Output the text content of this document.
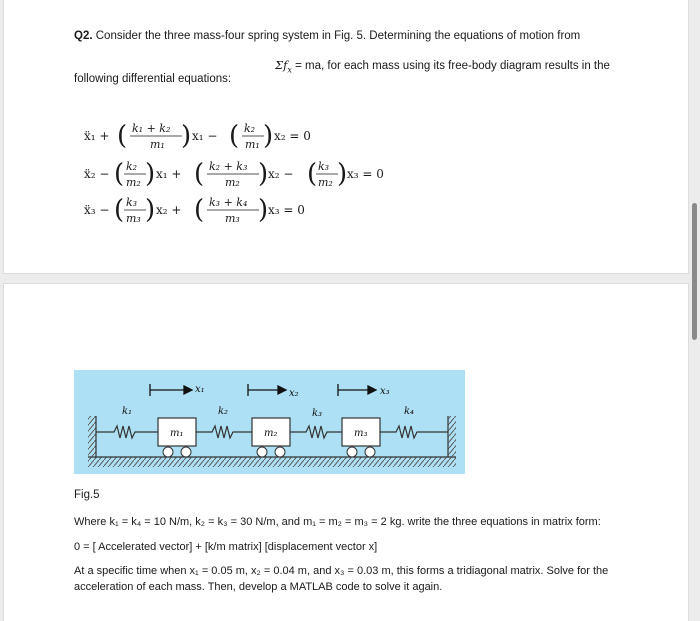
Q2. Consider the three mass-four spring system in Fig. 5. Determining the equations of motion from
$\Sigma f_x$ = ma, for each mass using its free-body diagram results in the
following differential equations:
ẍ₁ + ( k₁ + k₂
m₁ ) x₁ − ( k₂
m₁ ) x₂ = 0
ẍ₂ − ( k₂
m₂ ) x₁ + ( k₂ + k₃
m₂ ) x₂ − ( k₃
m₂ ) x₃ = 0
ẍ₃ − ( k₃
m₃ ) x₂ + ( k₃ + k₄
m₃ ) x₃ = 0
x₁	x₂	x₃
k₁	k₂	k₃	k₄
m₁	m₂	m₃
Fig.5
Where k₁ = k₄ = 10 N/m, k₂ = k₃ = 30 N/m, and m₁ = m₂ = m₃ = 2 kg. write the three equations in matrix form:
0 = [ Accelerated vector] + [k/m matrix] [displacement vector x]
At a specific time when x₁ = 0.05 m, x₂ = 0.04 m, and x₃ = 0.03 m, this forms a tridiagonal matrix. Solve for the
acceleration of each mass. Then, develop a MATLAB code to solve it again.
